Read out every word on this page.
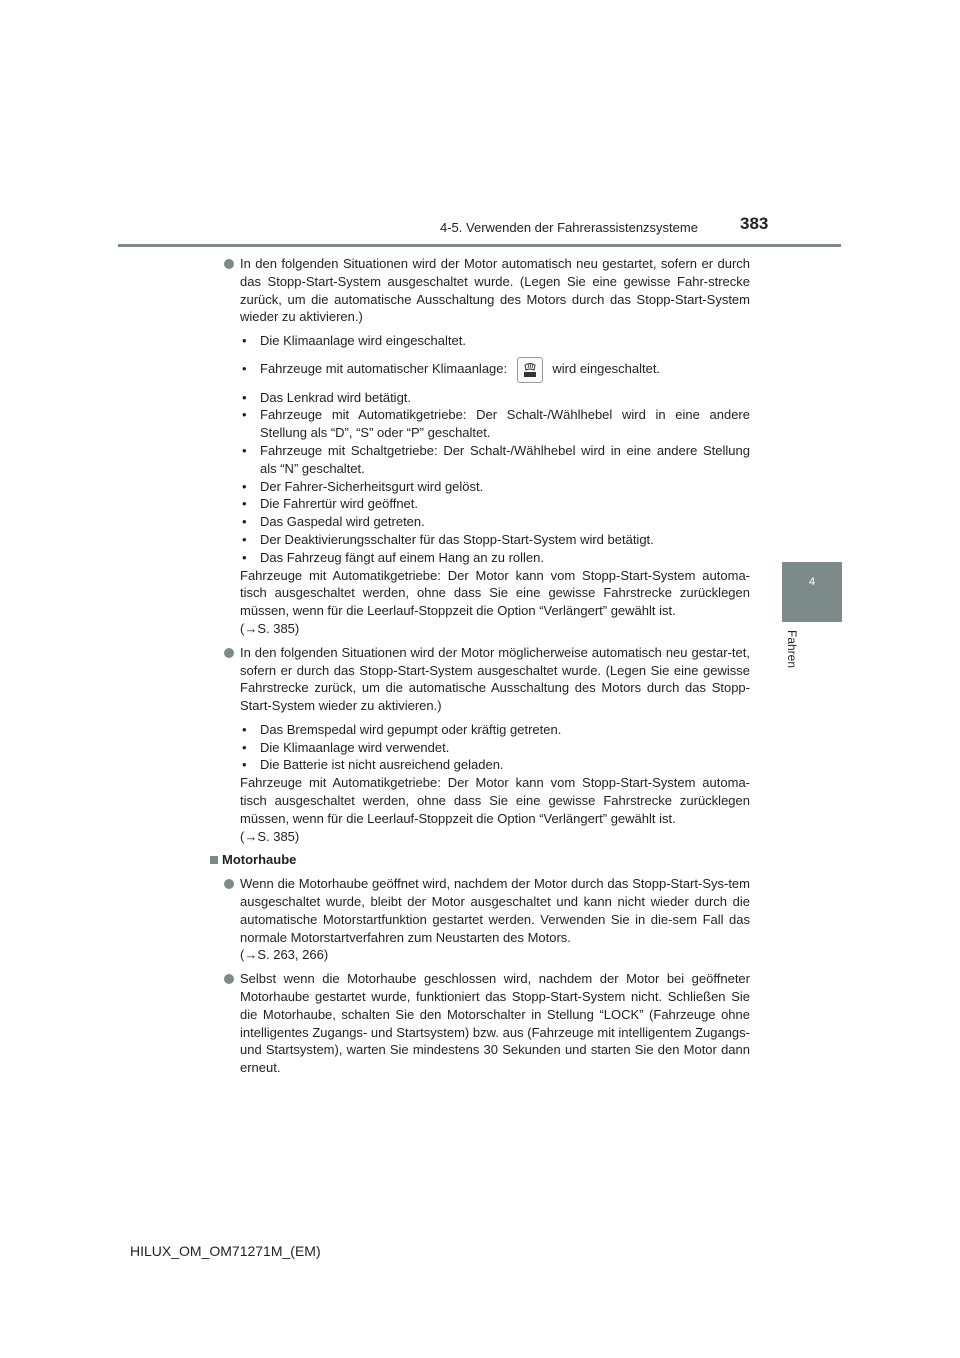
4-5. Verwenden der Fahrerassistenzsysteme 383
4
Fahren
In den folgenden Situationen wird der Motor automatisch neu gestartet, sofern er durch das Stopp-Start-System ausgeschaltet wurde. (Legen Sie eine gewisse Fahr-strecke zurück, um die automatische Ausschaltung des Motors durch das Stopp-Start-System wieder zu aktivieren.)
• Die Klimaanlage wird eingeschaltet.
• Fahrzeuge mit automatischer Klimaanlage:	wird eingeschaltet.
• Das Lenkrad wird betätigt.
• Fahrzeuge mit Automatikgetriebe: Der Schalt-/Wählhebel wird in eine andere Stellung als “D”, “S” oder “P” geschaltet.
• Fahrzeuge mit Schaltgetriebe: Der Schalt-/Wählhebel wird in eine andere Stellung als “N” geschaltet.
• Der Fahrer-Sicherheitsgurt wird gelöst.
• Die Fahrertür wird geöffnet.
• Das Gaspedal wird getreten.
• Der Deaktivierungsschalter für das Stopp-Start-System wird betätigt.
• Das Fahrzeug fängt auf einem Hang an zu rollen.
Fahrzeuge mit Automatikgetriebe: Der Motor kann vom Stopp-Start-System automa-tisch ausgeschaltet werden, ohne dass Sie eine gewisse Fahrstrecke zurücklegen müssen, wenn für die Leerlauf-Stoppzeit die Option “Verlängert” gewählt ist.
(→S. 385)
In den folgenden Situationen wird der Motor möglicherweise automatisch neu gestar-tet, sofern er durch das Stopp-Start-System ausgeschaltet wurde. (Legen Sie eine gewisse Fahrstrecke zurück, um die automatische Ausschaltung des Motors durch das Stopp-Start-System wieder zu aktivieren.)
• Das Bremspedal wird gepumpt oder kräftig getreten.
• Die Klimaanlage wird verwendet.
• Die Batterie ist nicht ausreichend geladen.
Fahrzeuge mit Automatikgetriebe: Der Motor kann vom Stopp-Start-System automa-tisch ausgeschaltet werden, ohne dass Sie eine gewisse Fahrstrecke zurücklegen müssen, wenn für die Leerlauf-Stoppzeit die Option “Verlängert” gewählt ist.
(→S. 385)
Motorhaube
Wenn die Motorhaube geöffnet wird, nachdem der Motor durch das Stopp-Start-Sys-tem ausgeschaltet wurde, bleibt der Motor ausgeschaltet und kann nicht wieder durch die automatische Motorstartfunktion gestartet werden. Verwenden Sie in die-sem Fall das normale Motorstartverfahren zum Neustarten des Motors.
(→S. 263, 266)
Selbst wenn die Motorhaube geschlossen wird, nachdem der Motor bei geöffneter Motorhaube gestartet wurde, funktioniert das Stopp-Start-System nicht. Schließen Sie die Motorhaube, schalten Sie den Motorschalter in Stellung “LOCK” (Fahrzeuge ohne intelligentes Zugangs- und Startsystem) bzw. aus (Fahrzeuge mit intelligentem Zugangs- und Startsystem), warten Sie mindestens 30 Sekunden und starten Sie den Motor dann erneut.
HILUX_OM_OM71271M_(EM)
